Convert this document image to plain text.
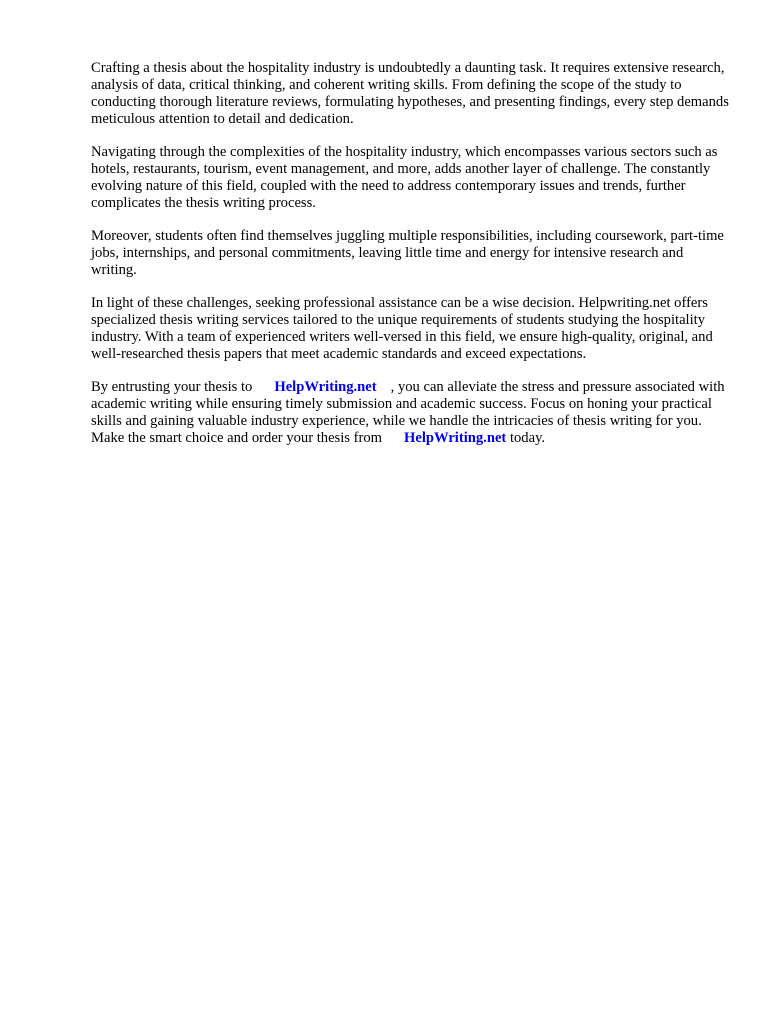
Crafting a thesis about the hospitality industry is undoubtedly a daunting task. It requires extensive research, analysis of data, critical thinking, and coherent writing skills. From defining the scope of the study to conducting thorough literature reviews, formulating hypotheses, and presenting findings, every step demands meticulous attention to detail and dedication.

Navigating through the complexities of the hospitality industry, which encompasses various sectors such as hotels, restaurants, tourism, event management, and more, adds another layer of challenge. The constantly evolving nature of this field, coupled with the need to address contemporary issues and trends, further complicates the thesis writing process.

Moreover, students often find themselves juggling multiple responsibilities, including coursework, part-time jobs, internships, and personal commitments, leaving little time and energy for intensive research and writing.

In light of these challenges, seeking professional assistance can be a wise decision. Helpwriting.net offers specialized thesis writing services tailored to the unique requirements of students studying the hospitality industry. With a team of experienced writers well-versed in this field, we ensure high-quality, original, and well-researched thesis papers that meet academic standards and exceed expectations.

By entrusting your thesis to HelpWriting.net , you can alleviate the stress and pressure associated with academic writing while ensuring timely submission and academic success. Focus on honing your practical skills and gaining valuable industry experience, while we handle the intricacies of thesis writing for you. Make the smart choice and order your thesis from HelpWriting.net today.
